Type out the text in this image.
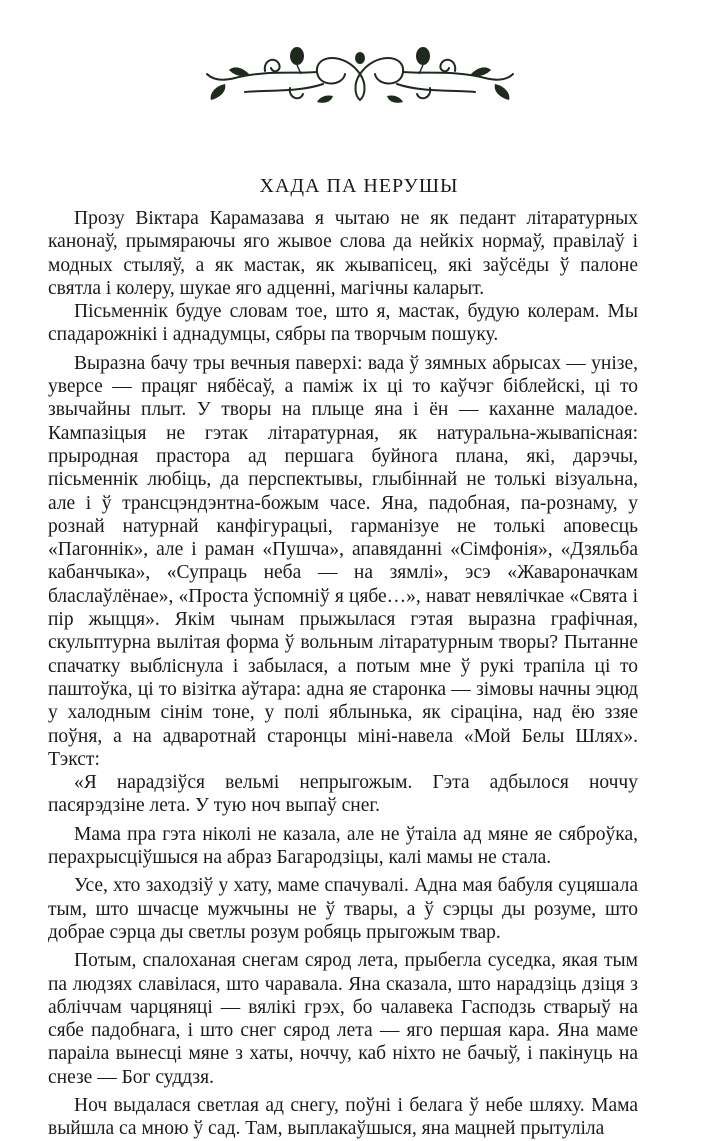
ХАДА ПА НЕРУШЫ

Прозу Віктара Карамазава я чытаю не як педант літаратурных канонаў, прымяраючы яго жывое слова да нейкіх нормаў, правілаў і модных стыляў, а як мастак, як жывапісец, які заўсёды ў палоне святла і колеру, шукае яго адценні, магічны каларыт.

Пісьменнік будуе словам тое, што я, мастак, будую колерам. Мы спадарожнікі і аднадумцы, сябры па творчым пошуку.

Выразна бачу тры вечныя паверхі: вада ў зямных абрысах — унізе, уверсе — працяг нябёсаў, а паміж іх ці то каўчэг біблейскі, ці то звычайны плыт. У творы на плыце яна і ён — каханне маладое. Кампазіцыя не гэтак літаратурная, як натуральна-жывапісная: прыродная прастора ад першага буйнога плана, які, дарэчы, пісьменнік любіць, да перспектывы, глыбіннай не толькі візуальна, але і ў трансцэндэнтна-божым часе. Яна, падобная, па-рознаму, у рознай натурнай канфігурацыі, гарманізуе не толькі аповесць «Пагоннік», але і раман «Пушча», апавяданні «Сімфонія», «Дзяльба кабанчыка», «Супраць неба — на зямлі», эсэ «Жавароначкам бласлаўлёнае», «Проста ўспомніў я цябе…», нават невялічкае «Свята і пір жыцця». Якім чынам прыжылася гэтая выразна графічная, скульптурна вылітая форма ў вольным літаратурным творы? Пытанне спачатку выбліснула і забылася, а потым мне ў рукі трапіла ці то паштоўка, ці то візітка аўтара: адна яе старонка — зімовы начны эцюд у халодным сінім тоне, у полі яблынька, як сіраціна, над ёю ззяе поўня, а на адваротнай старонцы міні-навела «Мой Белы Шлях». Тэкст:

«Я нарадзіўся вельмі непрыгожым. Гэта адбылося ноччу пасярэдзіне лета. У тую ноч выпаў снег.

Мама пра гэта ніколі не казала, але не ўтаіла ад мяне яе сяброўка, перахрысціўшыся на абраз Багародзіцы, калі мамы не стала.

Усе, хто заходзіў у хату, маме спачувалі. Адна мая бабуля суцяшала тым, што шчасце мужчыны не ў твары, а ў сэрцы ды розуме, што добрае сэрца ды светлы розум робяць прыгожым твар.

Потым, спалоханая снегам сярод лета, прыбегла суседка, якая тым па людзях славілася, што чаравала. Яна сказала, што нарадзіць дзіця з абліччам чарцяняці — вялікі грэх, бо чалавека Гасподзь стварыў на сябе падобнага, і што снег сярод лета — яго першая кара. Яна маме параіла вынесці мяне з хаты, ноччу, каб ніхто не бачыў, і пакінуць на снезе — Бог суддзя.

Ноч выдалася светлая ад снегу, поўні і белага ў небе шляху. Мама выйшла са мною ў сад. Там, выплакаўшыся, яна мацней прытуліла
